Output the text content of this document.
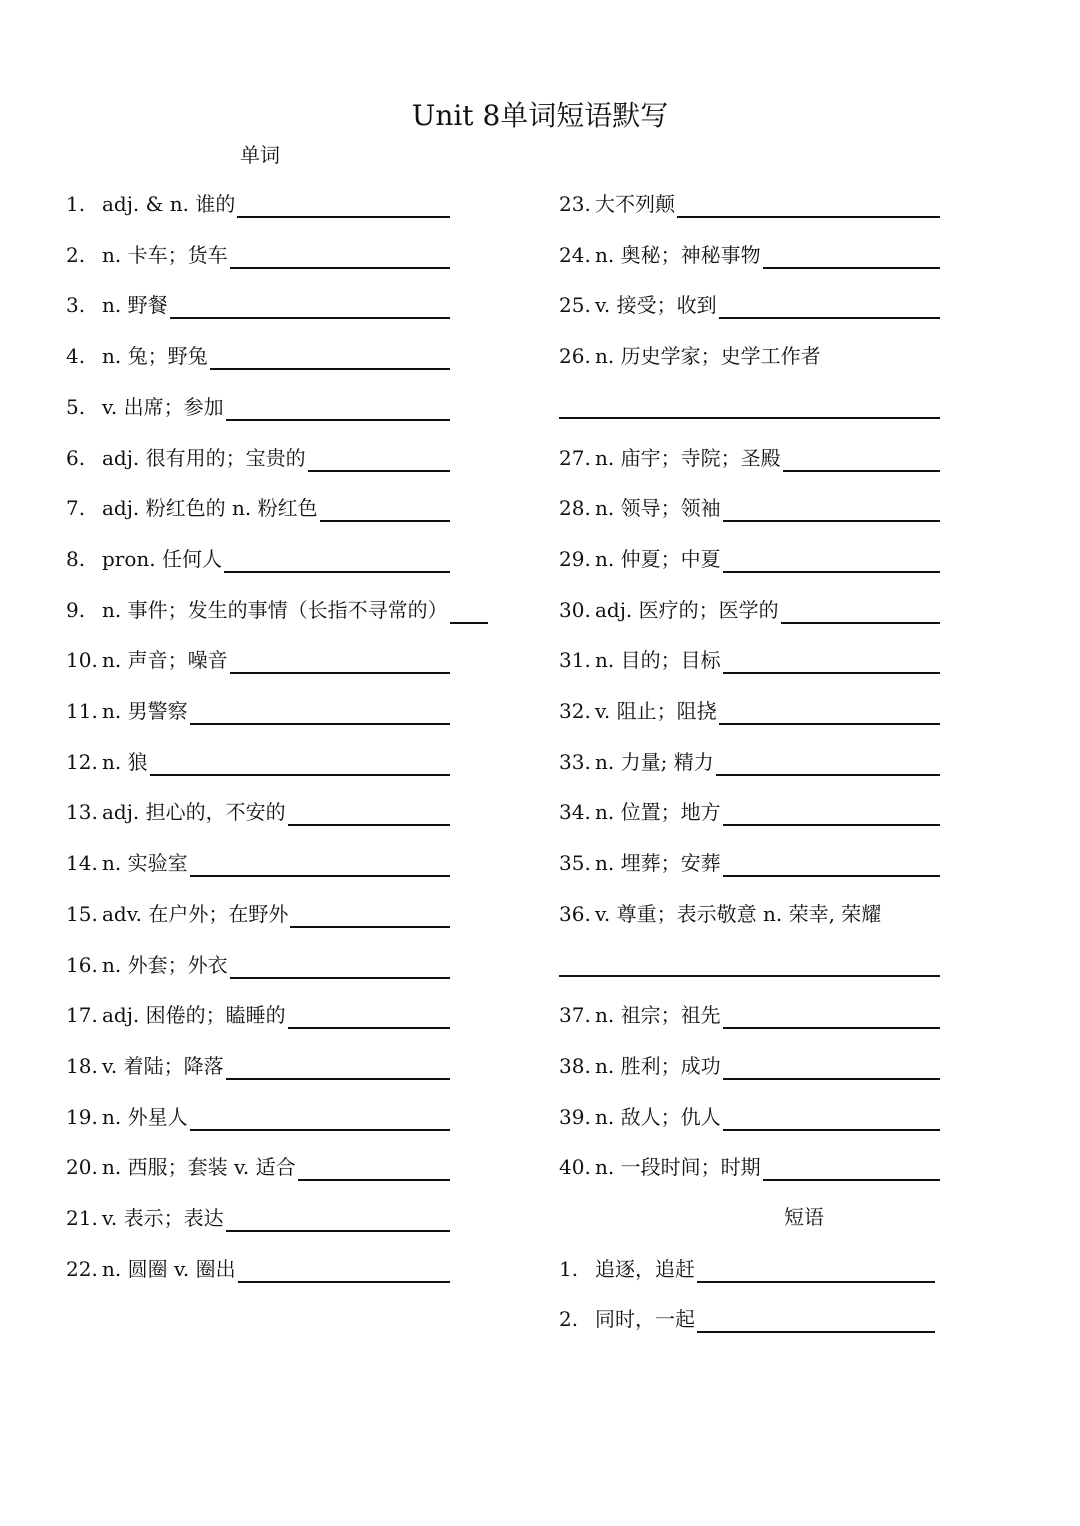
Unit 8单词短语默写
单词
短语
1. adj. & n. 谁的
2. n. 卡车；货车
3. n. 野餐
4. n. 兔；野兔
5. v. 出席；参加
6. adj. 很有用的；宝贵的
7. adj. 粉红色的 n. 粉红色
8. pron. 任何人
9. n. 事件；发生的事情（长指不寻常的）
10. n. 声音；噪音
11. n. 男警察
12. n. 狼
13. adj. 担心的，不安的
14. n. 实验室
15. adv. 在户外；在野外
16. n. 外套；外衣
17. adj. 困倦的；瞌睡的
18. v. 着陆；降落
19. n. 外星人
20. n. 西服；套装 v. 适合
21. v. 表示；表达
22. n. 圆圈 v. 圈出
23. 大不列颠
24. n. 奥秘；神秘事物
25. v. 接受；收到
26. n. 历史学家；史学工作者
27. n. 庙宇；寺院；圣殿
28. n. 领导；领袖
29. n. 仲夏；中夏
30. adj. 医疗的；医学的
31. n. 目的；目标
32. v. 阻止；阻挠
33. n. 力量; 精力
34. n. 位置；地方
35. n. 埋葬；安葬
36. v. 尊重；表示敬意 n. 荣幸, 荣耀
37. n. 祖宗；祖先
38. n. 胜利；成功
39. n. 敌人；仇人
40. n. 一段时间；时期
1. 追逐，追赶
2. 同时，一起
